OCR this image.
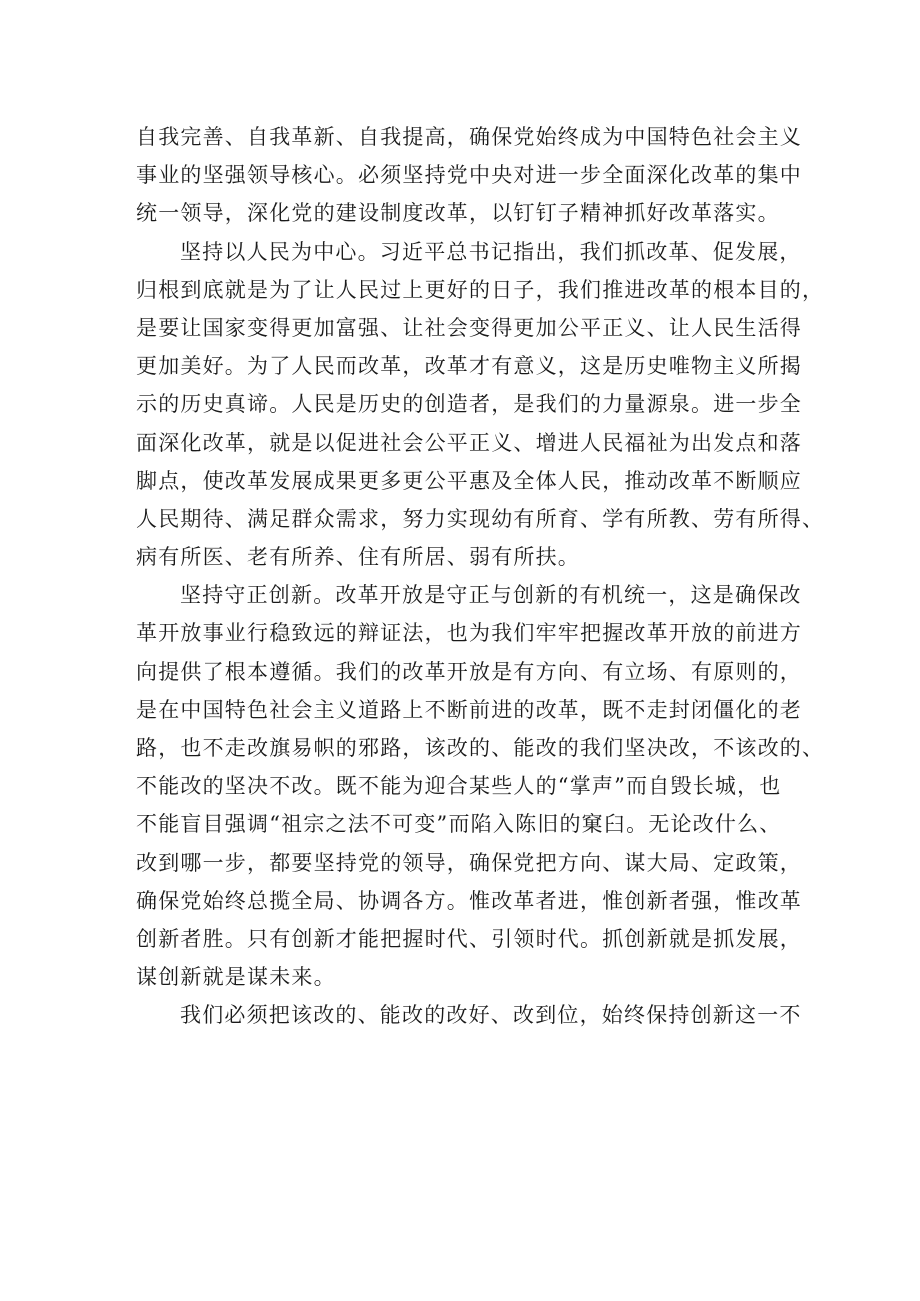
自我完善、自我革新、自我提高，确保党始终成为中国特色社会主义
事业的坚强领导核心。必须坚持党中央对进一步全面深化改革的集中
统一领导，深化党的建设制度改革，以钉钉子精神抓好改革落实。
坚持以人民为中心。习近平总书记指出，我们抓改革、促发展，
归根到底就是为了让人民过上更好的日子，我们推进改革的根本目的，
是要让国家变得更加富强、让社会变得更加公平正义、让人民生活得
更加美好。为了人民而改革，改革才有意义，这是历史唯物主义所揭
示的历史真谛。人民是历史的创造者，是我们的力量源泉。进一步全
面深化改革，就是以促进社会公平正义、增进人民福祉为出发点和落
脚点，使改革发展成果更多更公平惠及全体人民，推动改革不断顺应
人民期待、满足群众需求，努力实现幼有所育、学有所教、劳有所得、
病有所医、老有所养、住有所居、弱有所扶。
坚持守正创新。改革开放是守正与创新的有机统一，这是确保改
革开放事业行稳致远的辩证法，也为我们牢牢把握改革开放的前进方
向提供了根本遵循。我们的改革开放是有方向、有立场、有原则的，
是在中国特色社会主义道路上不断前进的改革，既不走封闭僵化的老
路，也不走改旗易帜的邪路，该改的、能改的我们坚决改，不该改的、
不能改的坚决不改。既不能为迎合某些人的“掌声”而自毁长城，也
不能盲目强调“祖宗之法不可变”而陷入陈旧的窠臼。无论改什么、
改到哪一步，都要坚持党的领导，确保党把方向、谋大局、定政策，
确保党始终总揽全局、协调各方。惟改革者进，惟创新者强，惟改革
创新者胜。只有创新才能把握时代、引领时代。抓创新就是抓发展，
谋创新就是谋未来。
我们必须把该改的、能改的改好、改到位，始终保持创新这一不
